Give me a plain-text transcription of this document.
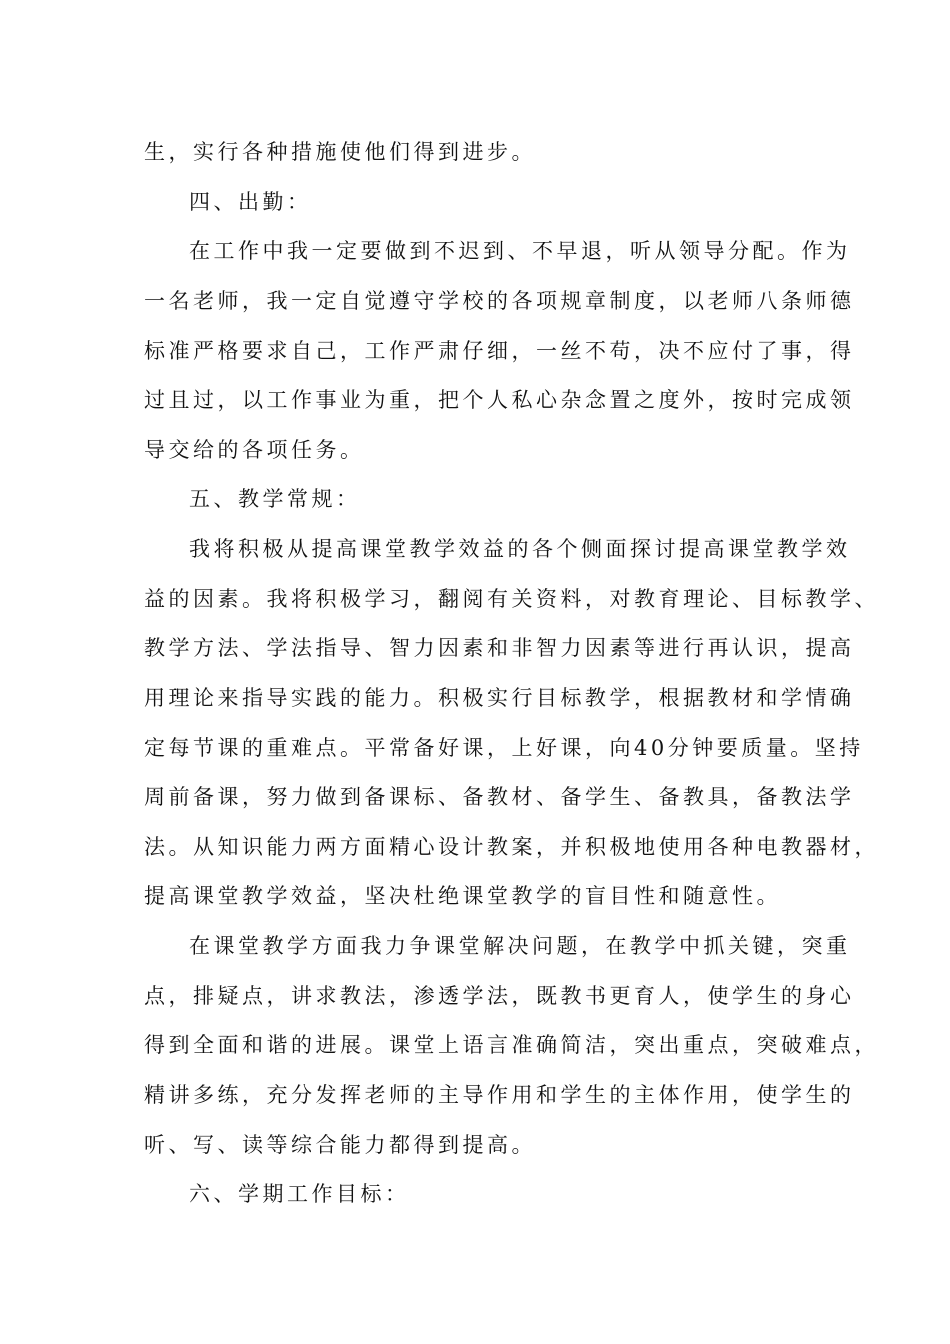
生，实行各种措施使他们得到进步。
四、出勤：
在工作中我一定要做到不迟到、不早退，听从领导分配。作为
一名老师，我一定自觉遵守学校的各项规章制度，以老师八条师德
标准严格要求自己，工作严肃仔细，一丝不苟，决不应付了事，得
过且过，以工作事业为重，把个人私心杂念置之度外，按时完成领
导交给的各项任务。
五、教学常规：
我将积极从提高课堂教学效益的各个侧面探讨提高课堂教学效
益的因素。我将积极学习，翻阅有关资料，对教育理论、目标教学、
教学方法、学法指导、智力因素和非智力因素等进行再认识，提高
用理论来指导实践的能力。积极实行目标教学，根据教材和学情确
定每节课的重难点。平常备好课，上好课，向40分钟要质量。坚持
周前备课，努力做到备课标、备教材、备学生、备教具，备教法学
法。从知识能力两方面精心设计教案，并积极地使用各种电教器材，
提高课堂教学效益，坚决杜绝课堂教学的盲目性和随意性。
在课堂教学方面我力争课堂解决问题，在教学中抓关键，突重
点，排疑点，讲求教法，渗透学法，既教书更育人，使学生的身心
得到全面和谐的进展。课堂上语言准确简洁，突出重点，突破难点，
精讲多练，充分发挥老师的主导作用和学生的主体作用，使学生的
听、写、读等综合能力都得到提高。
六、学期工作目标：
